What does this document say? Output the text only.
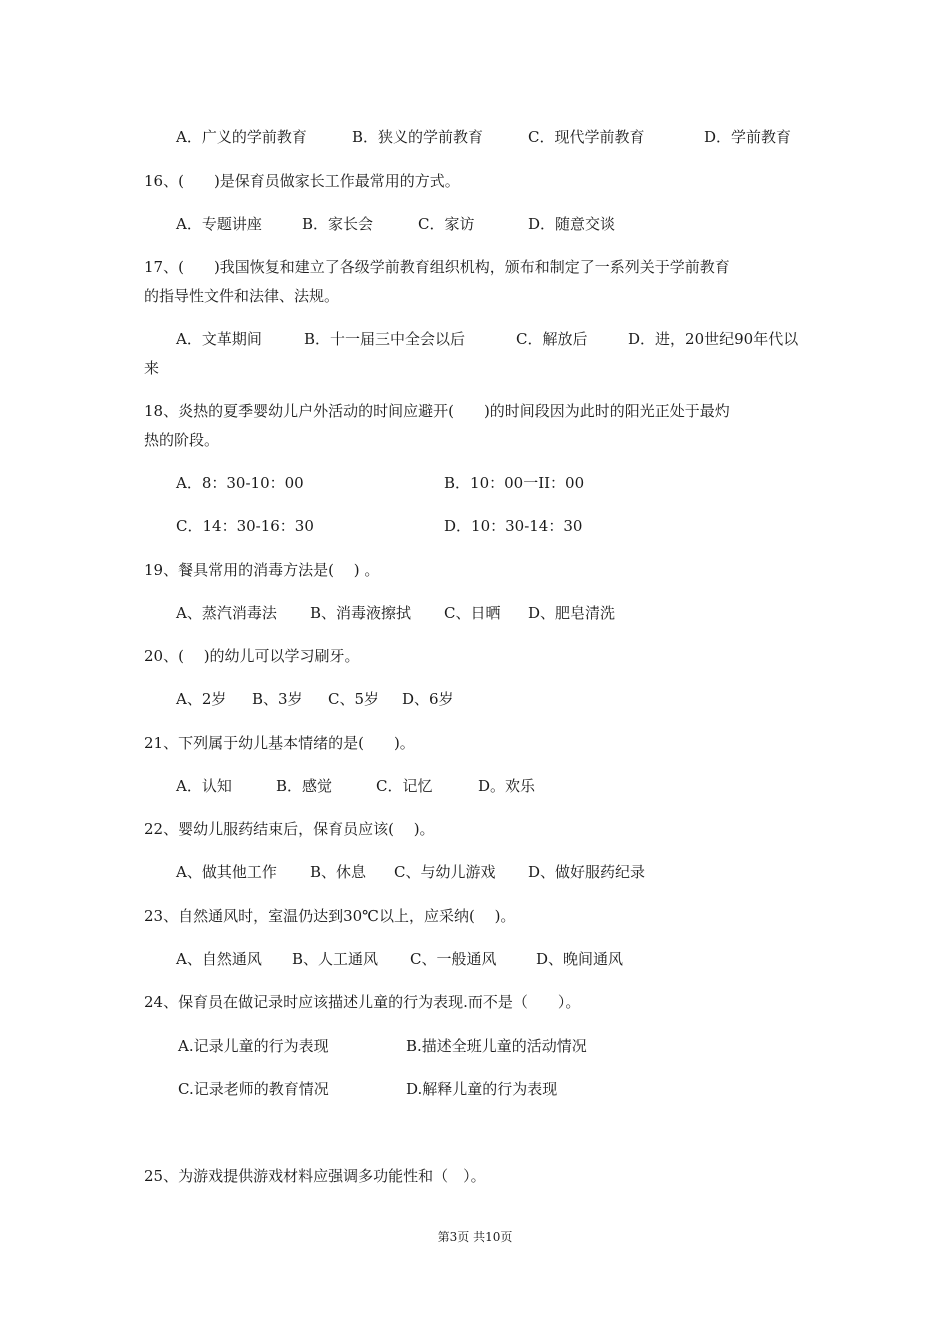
A．广义的学前教育	B．狭义的学前教育	C．现代学前教育	D．学前教育
16、(　　)是保育员做家长工作最常用的方式。
A．专题讲座	B．家长会	C．家访	D．随意交谈
17、(　　)我国恢复和建立了各级学前教育组织机构，颁布和制定了一系列关于学前教育
的指导性文件和法律、法规。
A．文革期间	B．十一届三中全会以后	C．解放后	D．进，20世纪90年代以
来
18、炎热的夏季婴幼儿户外活动的时间应避开(　　)的时间段因为此时的阳光正处于最灼
热的阶段。
A．8：30-10：00	B．10：00一II：00
C．14：30-16：30	D．10：30-14：30
19、餐具常用的消毒方法是(　 ) 。
A、蒸汽消毒法 B、消毒液擦拭 C、日晒 D、肥皂清洗
20、(　 )的幼儿可以学习刷牙。
A、2岁 B、3岁 C、5岁 D、6岁
21、下列属于幼儿基本情绪的是(　　)。
A．认知	B．感觉	C．记忆	D。欢乐
22、婴幼儿服药结束后，保育员应该(　 )。
A、做其他工作 B、休息 C、与幼儿游戏 D、做好服药纪录
23、自然通风时，室温仍达到30℃以上，应采纳(　 )。
A、自然通风 B、人工通风 C、一般通风	D、晚间通风
24、保育员在做记录时应该描述儿童的行为表现.而不是（　　）。
A.记录儿童的行为表现	B.描述全班儿童的活动情况
C.记录老师的教育情况	D.解释儿童的行为表现
25、为游戏提供游戏材料应强调多功能性和（　）。
第3页 共10页
